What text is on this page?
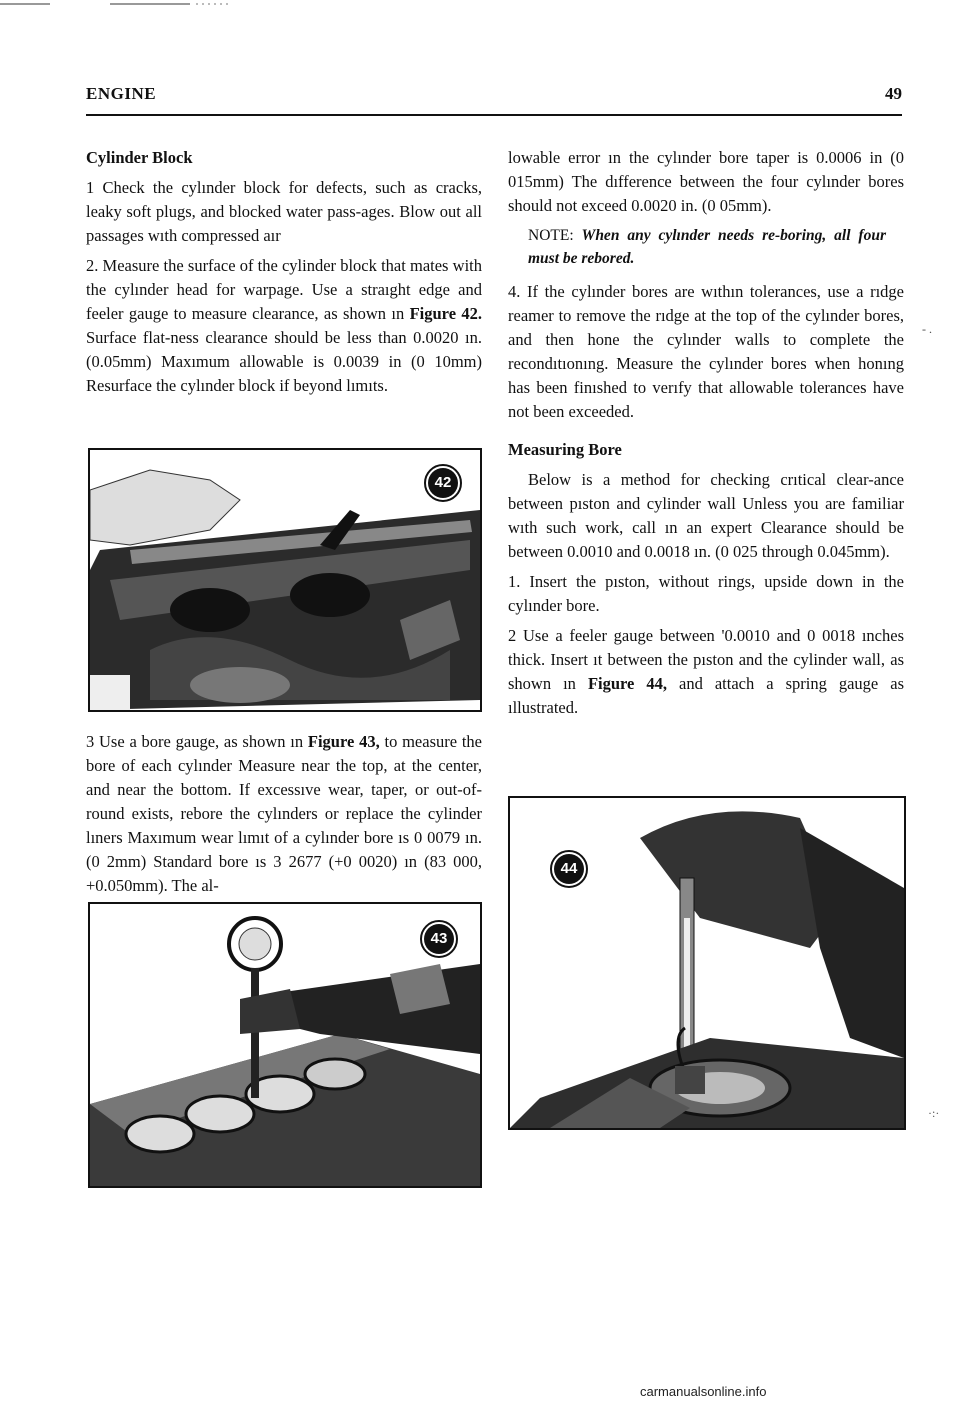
ENGINE	49
Cylinder Block

1 Check the cylınder block for defects, such as cracks, leaky soft plugs, and blocked water pass-ages. Blow out all passages wıth compressed aır

2. Measure the surface of the cylinder block that mates with the cylınder head for warpage. Use a straıght edge and feeler gauge to measure clearance, as shown ın Figure 42. Surface flat-ness clearance should be less than 0.0020 ın. (0.05mm) Maxımum allowable is 0.0039 in (0 10mm) Resurface the cylınder block if beyond lımıts.

42

3 Use a bore gauge, as shown ın Figure 43, to measure the bore of each cylınder Measure near the top, at the center, and near the bottom. If excessıve wear, taper, or out-of-round exists, rebore the cylınders or replace the cylinder lıners Maxımum wear lımıt of a cylınder bore ıs 0 0079 ın. (0 2mm) Standard bore ıs 3 2677 (+0 0020) ın (83 000, +0.050mm). The al-

43

lowable error ın the cylınder bore taper is 0.0006 in (0 015mm) The dıfference between the four cylınder bores should not exceed 0.0020 in. (0 05mm).

NOTE: When any cylınder needs re-boring, all four must be rebored.

4. If the cylınder bores are wıthın tolerances, use a rıdge reamer to remove the rıdge at the top of the cylınder bores, and then hone the cylınder walls to complete the recondıtıonıng. Measure the cylınder bores when honıng has been finıshed to verıfy that allowable tolerances have not been exceeded.

Measuring Bore

Below is a method for checking crıtical clear-ance between pıston and cylinder wall Unless you are familiar wıth such work, call ın an expert Clearance should be between 0.0010 and 0.0018 ın. (0 025 through 0.045mm).

1. Insert the pıston, without rings, upside down in the cylınder bore.

2 Use a feeler gauge between '0.0010 and 0 0018 ınches thick. Insert ıt between the pıston and the cylinder wall, as shown ın Figure 44, and attach a spring gauge as ıllustrated.

44
- .
·:·
carmanualsonline.info
